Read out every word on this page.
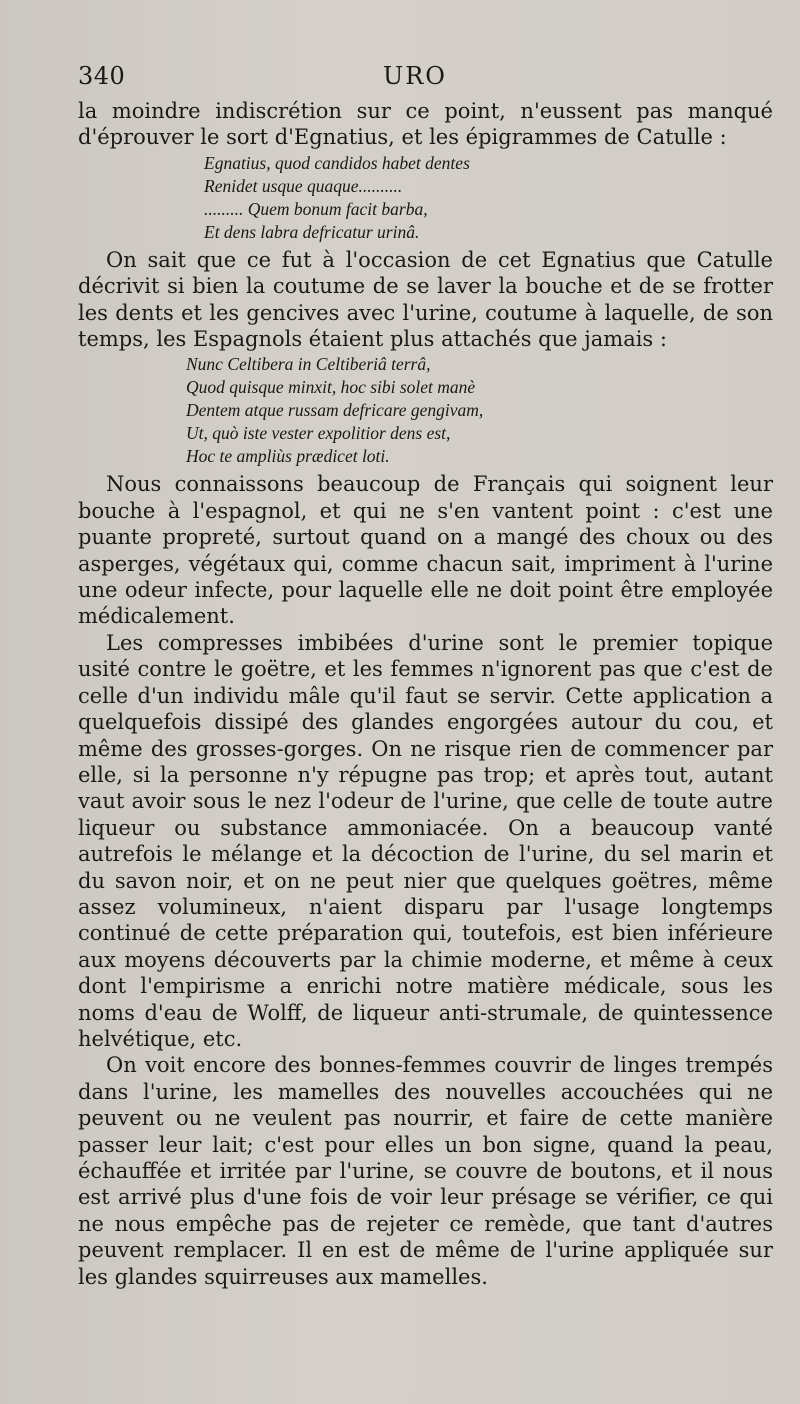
340	URO

la moindre indiscrétion sur ce point, n'eussent pas manqué d'éprouver le sort d'Egnatius, et les épigrammes de Catulle :

Egnatius, quod candidos habet dentes
Renidet usque quaque..........
......... Quem bonum facit barba,
Et dens labra defricatur urinâ.

On sait que ce fut à l'occasion de cet Egnatius que Catulle décrivit si bien la coutume de se laver la bouche et de se frotter les dents et les gencives avec l'urine, coutume à laquelle, de son temps, les Espagnols étaient plus attachés que jamais :

Nunc Celtibera in Celtiberiâ terrâ,
Quod quisque minxit, hoc sibi solet manè
Dentem atque russam defricare gengivam,
Ut, quò iste vester expolitior dens est,
Hoc te ampliùs prædicet loti.

Nous connaissons beaucoup de Français qui soignent leur bouche à l'espagnol, et qui ne s'en vantent point : c'est une puante propreté, surtout quand on a mangé des choux ou des asperges, végétaux qui, comme chacun sait, impriment à l'urine une odeur infecte, pour laquelle elle ne doit point être employée médicalement.

Les compresses imbibées d'urine sont le premier topique usité contre le goëtre, et les femmes n'ignorent pas que c'est de celle d'un individu mâle qu'il faut se servir. Cette application a quelquefois dissipé des glandes engorgées autour du cou, et même des grosses-gorges. On ne risque rien de commencer par elle, si la personne n'y répugne pas trop; et après tout, autant vaut avoir sous le nez l'odeur de l'urine, que celle de toute autre liqueur ou substance ammoniacée. On a beaucoup vanté autrefois le mélange et la décoction de l'urine, du sel marin et du savon noir, et on ne peut nier que quelques goëtres, même assez volumineux, n'aient disparu par l'usage longtemps continué de cette préparation qui, toutefois, est bien inférieure aux moyens découverts par la chimie moderne, et même à ceux dont l'empirisme a enrichi notre matière médicale, sous les noms d'eau de Wolff, de liqueur anti-strumale, de quintessence helvétique, etc.

On voit encore des bonnes-femmes couvrir de linges trempés dans l'urine, les mamelles des nouvelles accouchées qui ne peuvent ou ne veulent pas nourrir, et faire de cette manière passer leur lait; c'est pour elles un bon signe, quand la peau, échauffée et irritée par l'urine, se couvre de boutons, et il nous est arrivé plus d'une fois de voir leur présage se vérifier, ce qui ne nous empêche pas de rejeter ce remède, que tant d'autres peuvent remplacer. Il en est de même de l'urine appliquée sur les glandes squirreuses aux mamelles.
